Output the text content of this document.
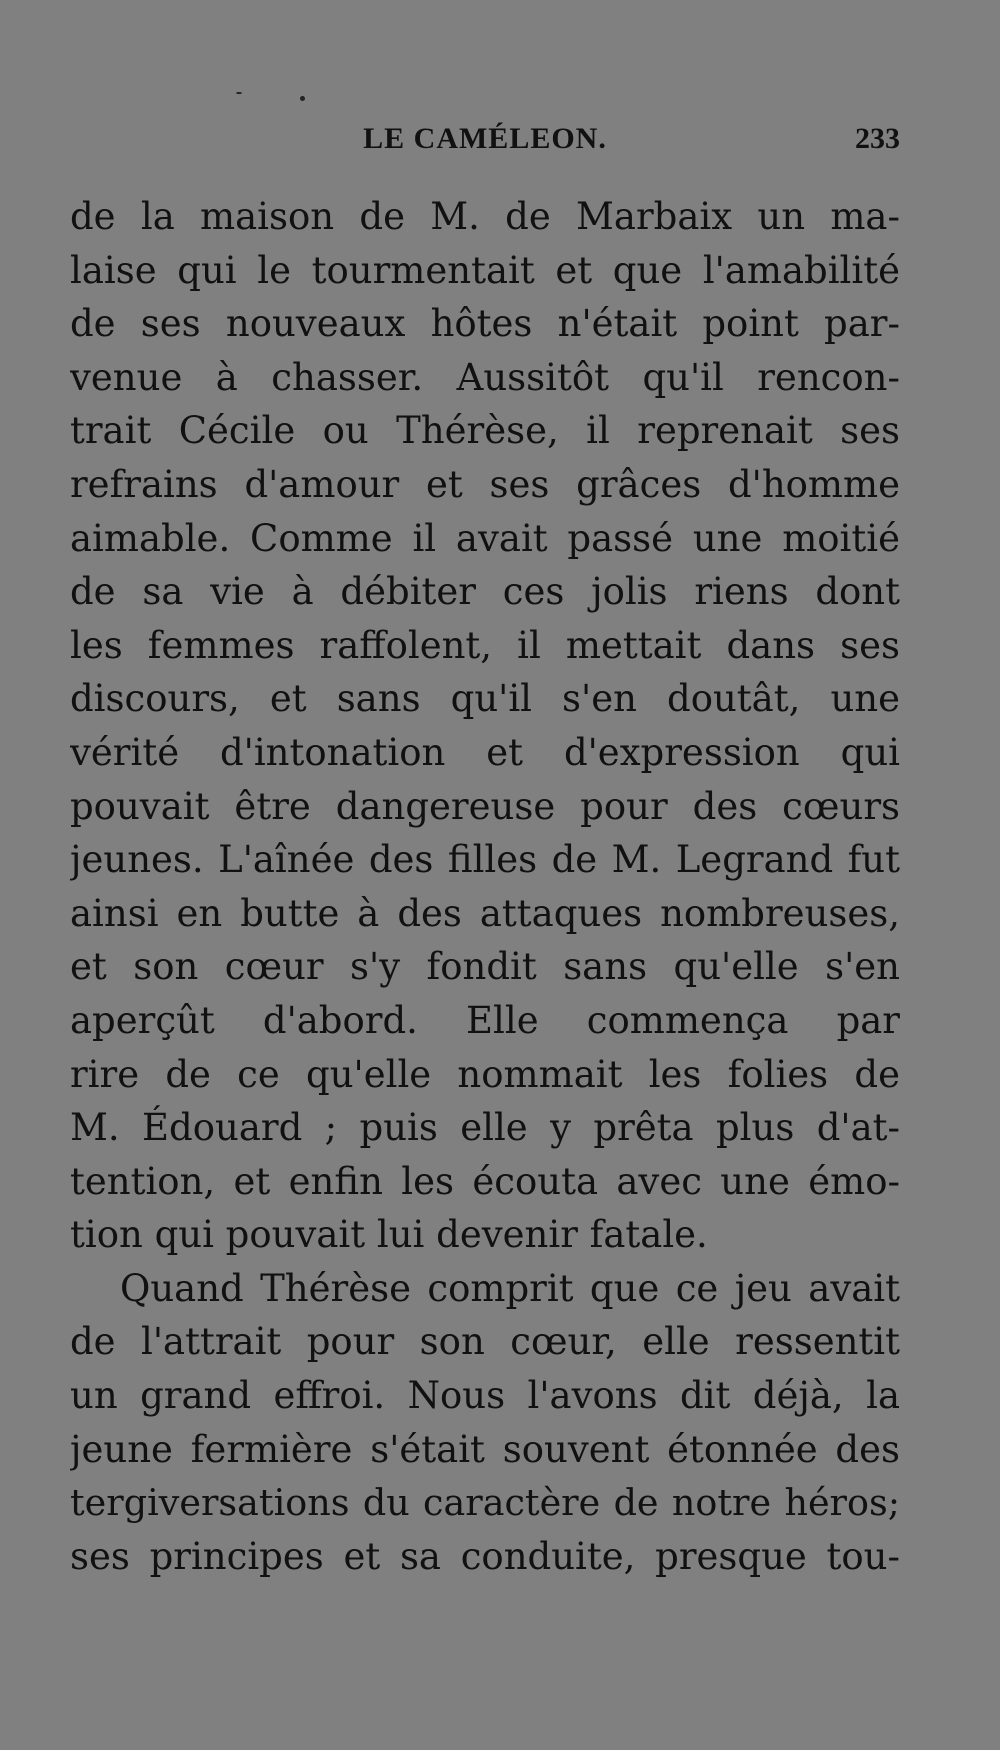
LE CAMÉLEON.	233
de la maison de M. de Marbaix un ma-
laise qui le tourmentait et que l'amabilité
de ses nouveaux hôtes n'était point par-
venue à chasser. Aussitôt qu'il rencon-
trait Cécile ou Thérèse, il reprenait ses
refrains d'amour et ses grâces d'homme
aimable. Comme il avait passé une moitié
de sa vie à débiter ces jolis riens dont
les femmes raffolent, il mettait dans ses
discours, et sans qu'il s'en doutât, une
vérité d'intonation et d'expression qui
pouvait être dangereuse pour des cœurs
jeunes. L'aînée des filles de M. Legrand fut
ainsi en butte à des attaques nombreuses,
et son cœur s'y fondit sans qu'elle s'en
aperçût d'abord. Elle commença par
rire de ce qu'elle nommait les folies de
M. Édouard ; puis elle y prêta plus d'at-
tention, et enfin les écouta avec une émo-
tion qui pouvait lui devenir fatale.
Quand Thérèse comprit que ce jeu avait
de l'attrait pour son cœur, elle ressentit
un grand effroi. Nous l'avons dit déjà, la
jeune fermière s'était souvent étonnée des
tergiversations du caractère de notre héros;
ses principes et sa conduite, presque tou-
